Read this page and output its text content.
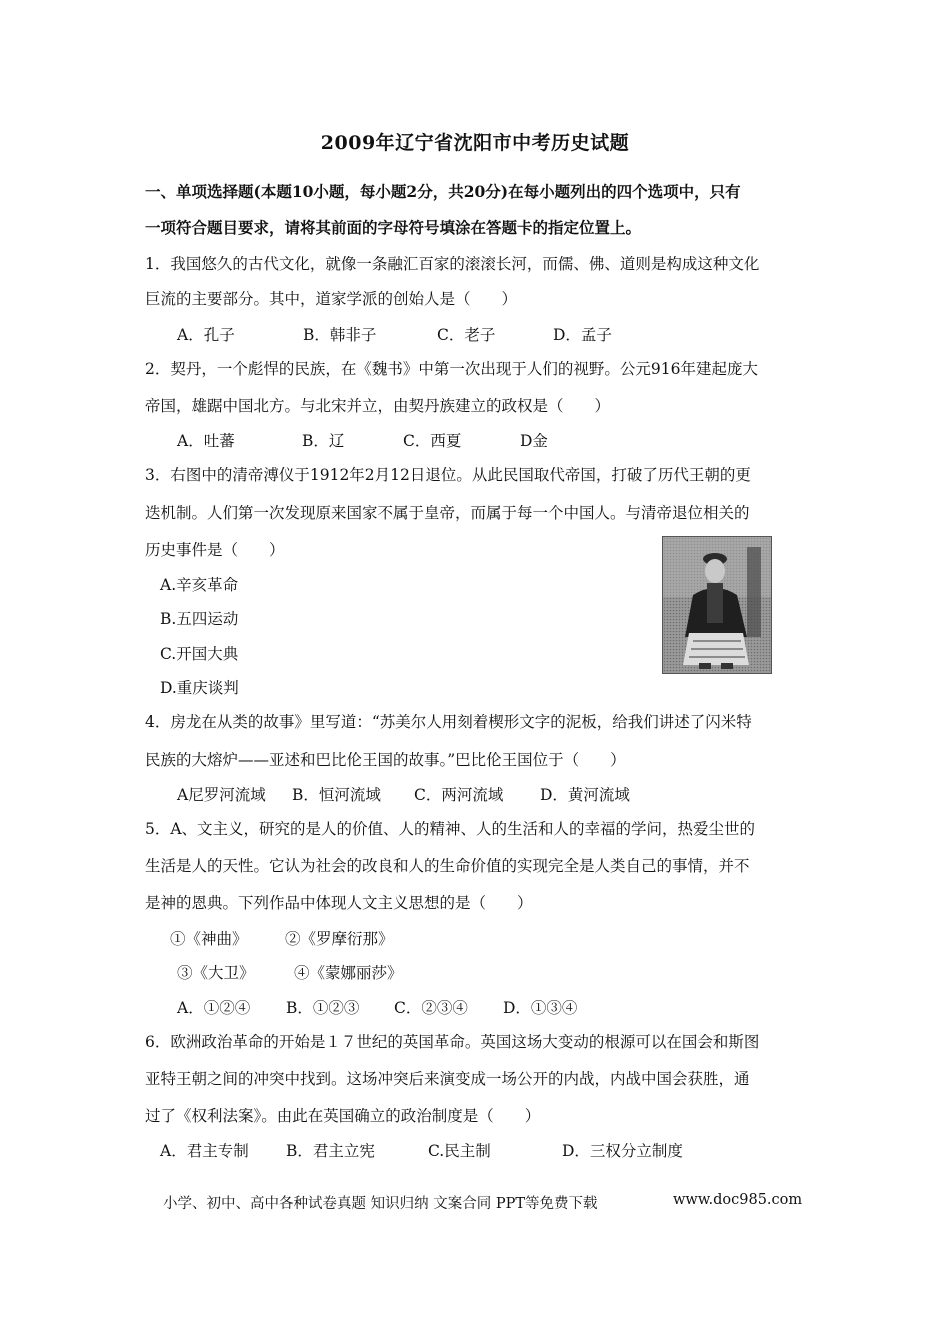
2009年辽宁省沈阳市中考历史试题
一、单项选择题(本题10小题，每小题2分，共20分)在每小题列出的四个选项中，只有
一项符合题目要求，请将其前面的字母符号填涂在答题卡的指定位置上。
1．我国悠久的古代文化，就像一条融汇百家的滚滚长河，而儒、佛、道则是构成这种文化
巨流的主要部分。其中，道家学派的创始人是（　　）
A．孔子	B．韩非子	C．老子	D．孟子
2．契丹，一个彪悍的民族，在《魏书》中第一次出现于人们的视野。公元916年建起庞大
帝国，雄踞中国北方。与北宋并立，由契丹族建立的政权是（　　）
A．吐蕃	B．辽	C．西夏	D金
3．右图中的清帝溥仪于1912年2月12日退位。从此民国取代帝国，打破了历代王朝的更
迭机制。人们第一次发现原来国家不属于皇帝，而属于每一个中国人。与清帝退位相关的
历史事件是（　　）
A.辛亥革命
B.五四运动
C.开国大典
D.重庆谈判
4．房龙在从类的故事》里写道：“苏美尔人用刻着楔形文字的泥板，给我们讲述了闪米特
民族的大熔炉——亚述和巴比伦王国的故事。”巴比伦王国位于（　　）
A尼罗河流域 B．恒河流域 C．两河流域 D．黄河流域
5．A、文主义，研究的是人的价值、人的精神、人的生活和人的幸福的学问，热爱尘世的
生活是人的天性。它认为社会的改良和人的生命价值的实现完全是人类自己的事情，并不
是神的恩典。下列作品中体现人文主义思想的是（　　）
①《神曲》 ②《罗摩衍那》
③《大卫》	④《蒙娜丽莎》
A．①②④ B．①②③ C．②③④ D．①③④
6．欧洲政治革命的开始是１７世纪的英国革命。英国这场大变动的根源可以在国会和斯图
亚特王朝之间的冲突中找到。这场冲突后来演变成一场公开的内战，内战中国会获胜，通
过了《权利法案》。由此在英国确立的政治制度是（　　）
A．君主专制 B．君主立宪	C.民主制	D．三权分立制度
小学、初中、高中各种试卷真题 知识归纳 文案合同 PPT等免费下载	www.doc985.com
